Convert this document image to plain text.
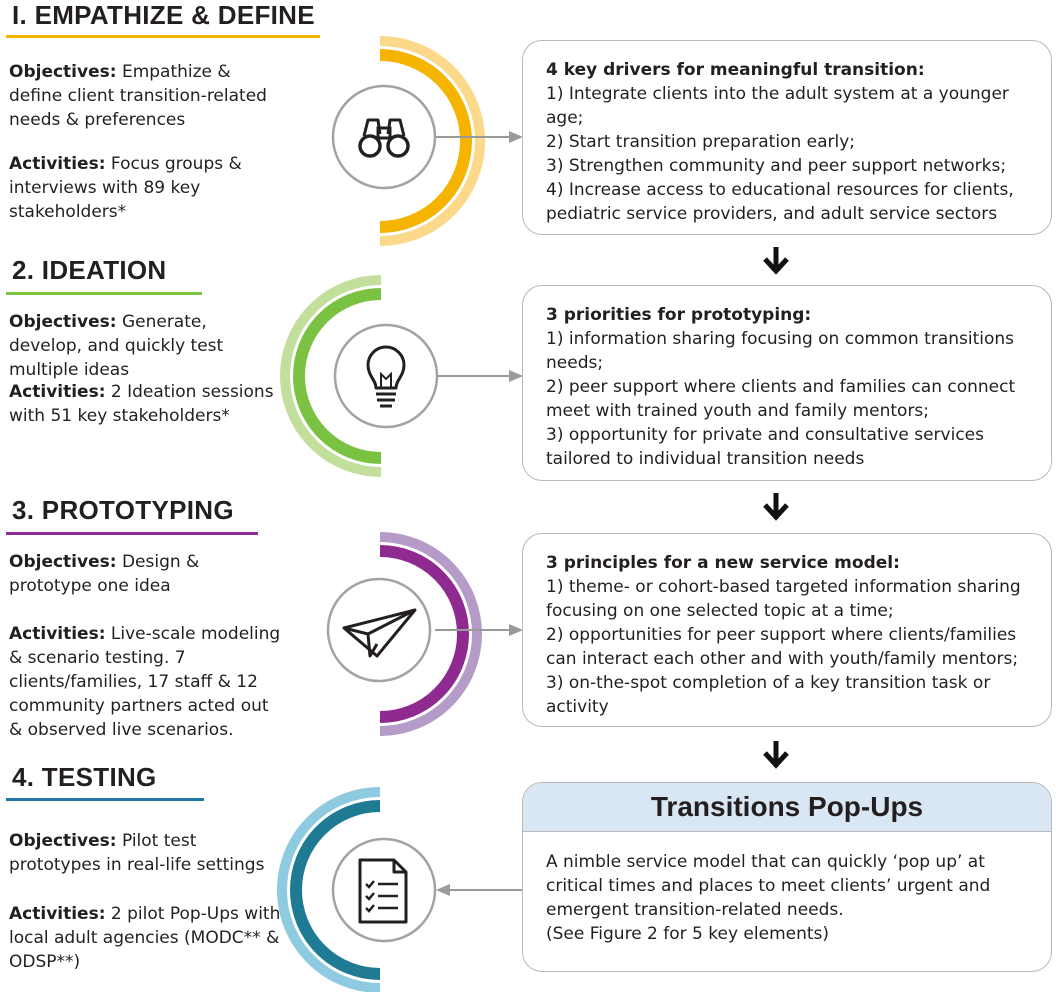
I. EMPATHIZE & DEFINE

Objectives: Empathize & define client transition-related needs & preferences

Activities: Focus groups & interviews with 89 key stakeholders*

4 key drivers for meaningful transition:
1) Integrate clients into the adult system at a younger age;
2) Start transition preparation early;
3) Strengthen community and peer support networks;
4) Increase access to educational resources for clients, pediatric service providers, and adult service sectors
2. IDEATION

Objectives: Generate, develop, and quickly test multiple ideas

Activities: 2 Ideation sessions with 51 key stakeholders*

3 priorities for prototyping:
1) information sharing focusing on common transitions needs;
2) peer support where clients and families can connect meet with trained youth and family mentors;
3) opportunity for private and consultative services tailored to individual transition needs
3. PROTOTYPING

Objectives: Design & prototype one idea

Activities: Live-scale modeling & scenario testing. 7 clients/families, 17 staff & 12 community partners acted out & observed live scenarios.

3 principles for a new service model:
1) theme- or cohort-based targeted information sharing focusing on one selected topic at a time;
2) opportunities for peer support where clients/families can interact each other and with youth/family mentors;
3) on-the-spot completion of a key transition task or activity
4. TESTING

Objectives: Pilot test prototypes in real-life settings

Activities: 2 pilot Pop-Ups with local adult agencies (MODC** & ODSP**)

Transitions Pop-Ups
A nimble service model that can quickly ‘pop up’ at critical times and places to meet clients’ urgent and emergent transition-related needs.
(See Figure 2 for 5 key elements)
